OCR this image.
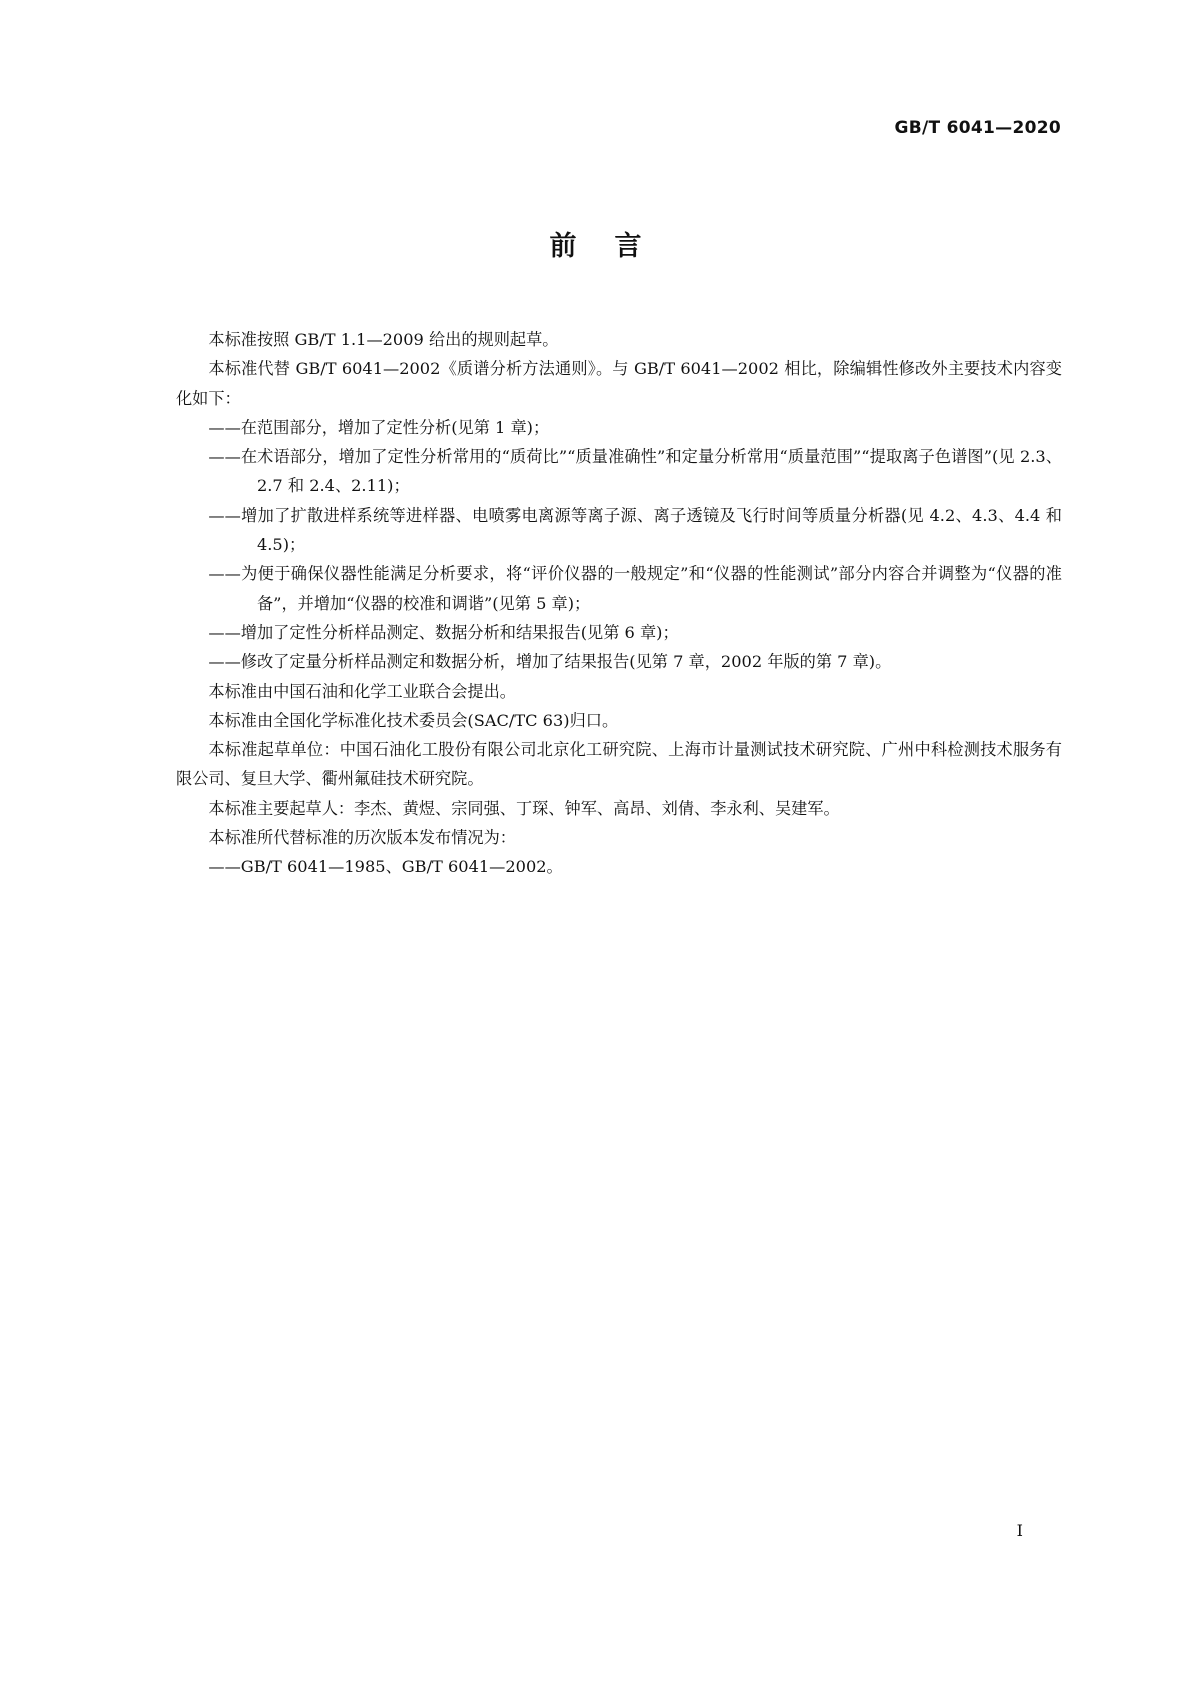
GB/T 6041—2020
前言

本标准按照 GB/T 1.1—2009 给出的规则起草。

本标准代替 GB/T 6041—2002《质谱分析方法通则》。与 GB/T 6041—2002 相比，除编辑性修改外主要技术内容变化如下：

——在范围部分，增加了定性分析(见第 1 章)；

——在术语部分，增加了定性分析常用的“质荷比”“质量准确性”和定量分析常用“质量范围”“提取离子色谱图”(见 2.3、2.7 和 2.4、2.11)；

——增加了扩散进样系统等进样器、电喷雾电离源等离子源、离子透镜及飞行时间等质量分析器(见 4.2、4.3、4.4 和 4.5)；

——为便于确保仪器性能满足分析要求，将“评价仪器的一般规定”和“仪器的性能测试”部分内容合并调整为“仪器的准备”，并增加“仪器的校准和调谐”(见第 5 章)；

——增加了定性分析样品测定、数据分析和结果报告(见第 6 章)；

——修改了定量分析样品测定和数据分析，增加了结果报告(见第 7 章，2002 年版的第 7 章)。

本标准由中国石油和化学工业联合会提出。

本标准由全国化学标准化技术委员会(SAC/TC 63)归口。

本标准起草单位：中国石油化工股份有限公司北京化工研究院、上海市计量测试技术研究院、广州中科检测技术服务有限公司、复旦大学、衢州氟硅技术研究院。

本标准主要起草人：李杰、黄煜、宗同强、丁琛、钟军、高昂、刘倩、李永利、吴建军。

本标准所代替标准的历次版本发布情况为：

——GB/T 6041—1985、GB/T 6041—2002。

I
